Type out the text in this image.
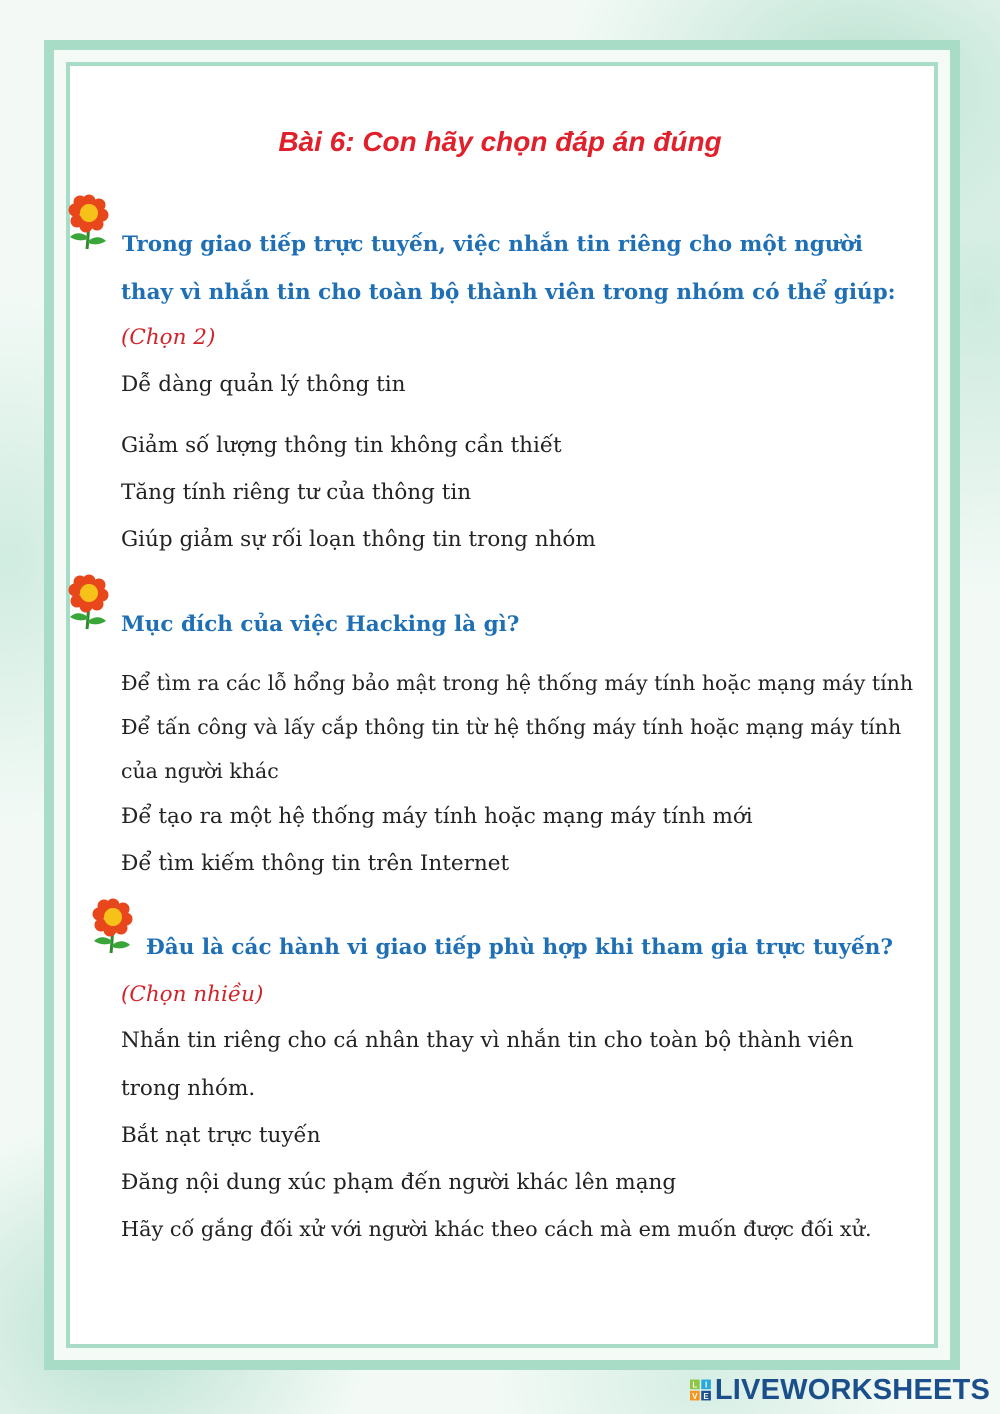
Bài 6: Con hãy chọn đáp án đúng

Trong giao tiếp trực tuyến, việc nhắn tin riêng cho một người

thay vì nhắn tin cho toàn bộ thành viên trong nhóm có thể giúp:

(Chọn 2)

Dễ dàng quản lý thông tin

Giảm số lượng thông tin không cần thiết

Tăng tính riêng tư của thông tin

Giúp giảm sự rối loạn thông tin trong nhóm

Mục đích của việc Hacking là gì?

Để tìm ra các lỗ hổng bảo mật trong hệ thống máy tính hoặc mạng máy tính

Để tấn công và lấy cắp thông tin từ hệ thống máy tính hoặc mạng máy tính

của người khác

Để tạo ra một hệ thống máy tính hoặc mạng máy tính mới

Để tìm kiếm thông tin trên Internet

Đâu là các hành vi giao tiếp phù hợp khi tham gia trực tuyến?

(Chọn nhiều)

Nhắn tin riêng cho cá nhân thay vì nhắn tin cho toàn bộ thành viên

trong nhóm.

Bắt nạt trực tuyến

Đăng nội dung xúc phạm đến người khác lên mạng

Hãy cố gắng đối xử với người khác theo cách mà em muốn được đối xử.

L I
V E LIVEWORKSHEETS
